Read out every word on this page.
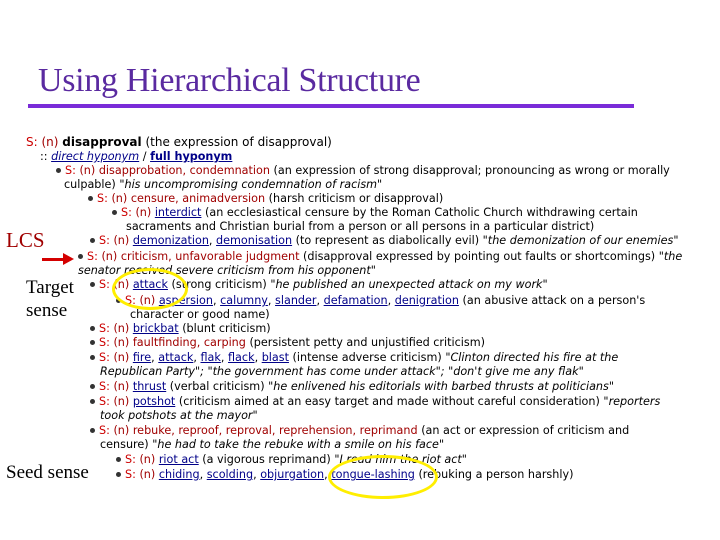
Using Hierarchical Structure
LCS
Target
sense
Seed sense
S: (n) disapproval (the expression of disapproval)
:: direct hyponym / full hyponym
S: (n) disapprobation, condemnation (an expression of strong disapproval; pronouncing as wrong or morally
culpable) "his uncompromising condemnation of racism"
S: (n) censure, animadversion (harsh criticism or disapproval)
S: (n) interdict (an ecclesiastical censure by the Roman Catholic Church withdrawing certain
sacraments and Christian burial from a person or all persons in a particular district)
S: (n) demonization, demonisation (to represent as diabolically evil) "the demonization of our enemies"
S: (n) criticism, unfavorable judgment (disapproval expressed by pointing out faults or shortcomings) "the
senator received severe criticism from his opponent"
S: (n) attack (strong criticism) "he published an unexpected attack on my work"
S: (n) aspersion, calumny, slander, defamation, denigration (an abusive attack on a person's
character or good name)
S: (n) brickbat (blunt criticism)
S: (n) faultfinding, carping (persistent petty and unjustified criticism)
S: (n) fire, attack, flak, flack, blast (intense adverse criticism) "Clinton directed his fire at the
Republican Party"; "the government has come under attack"; "don't give me any flak"
S: (n) thrust (verbal criticism) "he enlivened his editorials with barbed thrusts at politicians"
S: (n) potshot (criticism aimed at an easy target and made without careful consideration) "reporters
took potshots at the mayor"
S: (n) rebuke, reproof, reproval, reprehension, reprimand (an act or expression of criticism and
censure) "he had to take the rebuke with a smile on his face"
S: (n) riot act (a vigorous reprimand) "I read him the riot act"
S: (n) chiding, scolding, objurgation, tongue-lashing (rebuking a person harshly)
